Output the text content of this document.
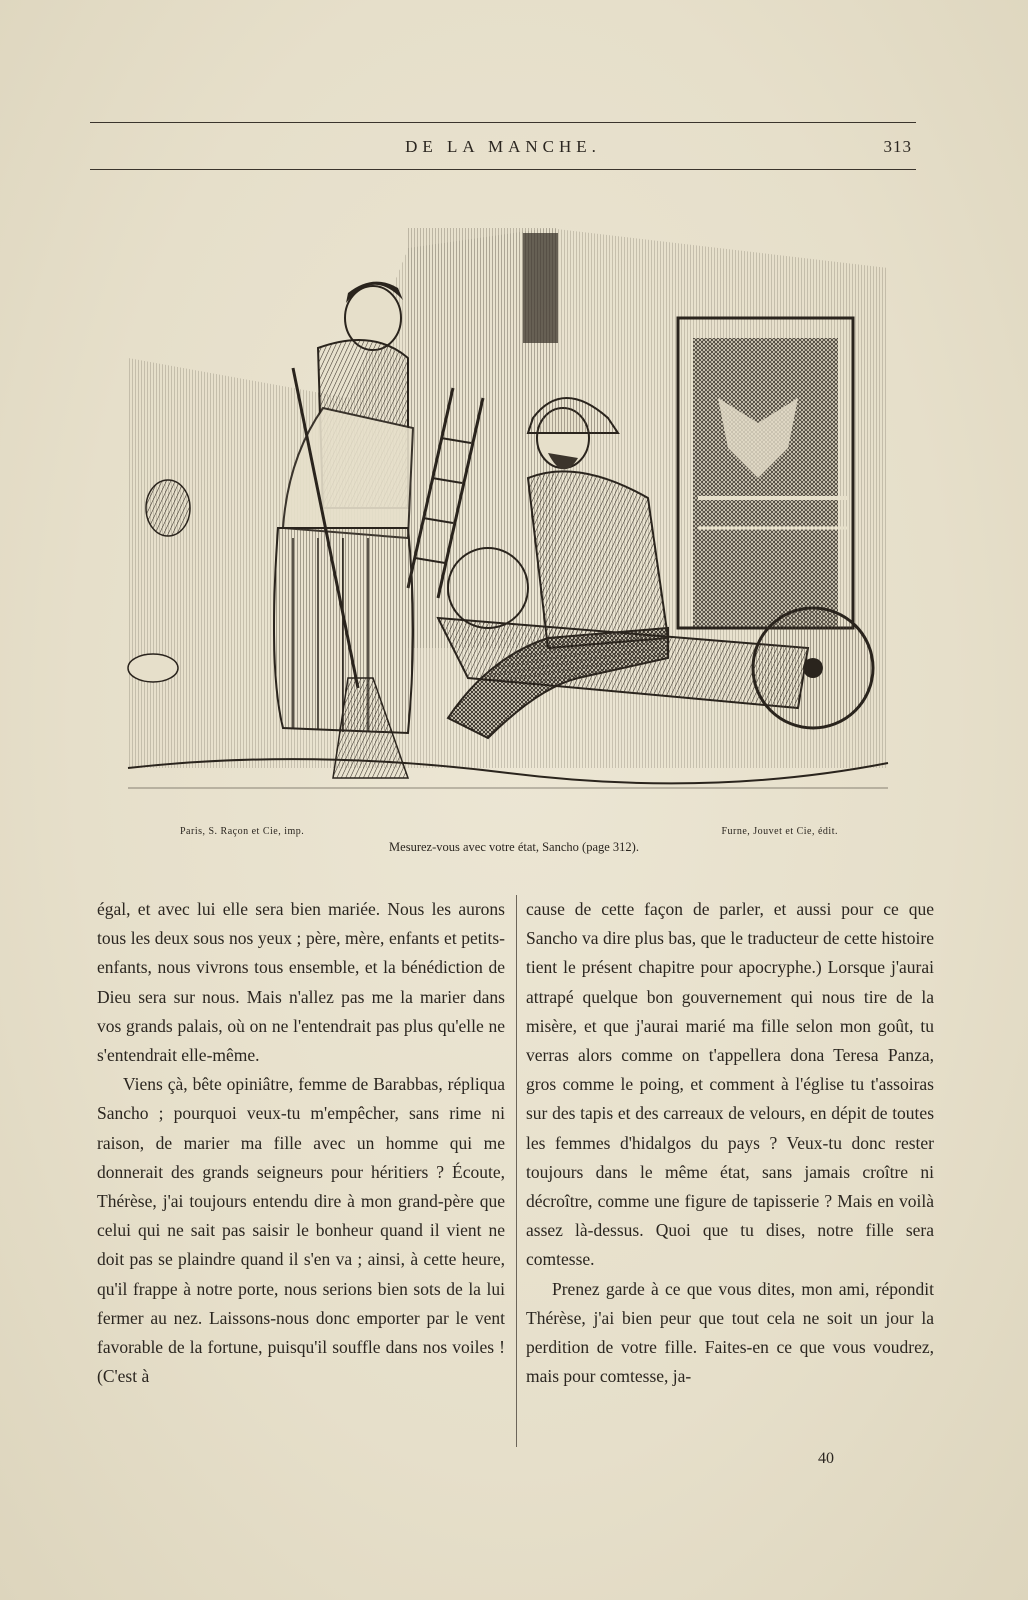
DE LA MANCHE.	313
Paris, S. Raçon et Cie, imp.	Furne, Jouvet et Cie, édit.
Mesurez-vous avec votre état, Sancho (page 312).

égal, et avec lui elle sera bien mariée. Nous les aurons tous les deux sous nos yeux ; père, mère, enfants et petits-enfants, nous vivrons tous ensemble, et la bénédiction de Dieu sera sur nous. Mais n'allez pas me la marier dans vos grands palais, où on ne l'entendrait pas plus qu'elle ne s'entendrait elle-même.

Viens çà, bête opiniâtre, femme de Barabbas, répliqua Sancho ; pourquoi veux-tu m'empêcher, sans rime ni raison, de marier ma fille avec un homme qui me donnerait des grands seigneurs pour héritiers ? Écoute, Thérèse, j'ai toujours entendu dire à mon grand-père que celui qui ne sait pas saisir le bonheur quand il vient ne doit pas se plaindre quand il s'en va ; ainsi, à cette heure, qu'il frappe à notre porte, nous serions bien sots de la lui fermer au nez. Laissons-nous donc emporter par le vent favorable de la fortune, puisqu'il souffle dans nos voiles ! (C'est à

cause de cette façon de parler, et aussi pour ce que Sancho va dire plus bas, que le traducteur de cette histoire tient le présent chapitre pour apocryphe.) Lorsque j'aurai attrapé quelque bon gouvernement qui nous tire de la misère, et que j'aurai marié ma fille selon mon goût, tu verras alors comme on t'appellera dona Teresa Panza, gros comme le poing, et comment à l'église tu t'assoiras sur des tapis et des carreaux de velours, en dépit de toutes les femmes d'hidalgos du pays ? Veux-tu donc rester toujours dans le même état, sans jamais croître ni décroître, comme une figure de tapisserie ? Mais en voilà assez là-dessus. Quoi que tu dises, notre fille sera comtesse.

Prenez garde à ce que vous dites, mon ami, répondit Thérèse, j'ai bien peur que tout cela ne soit un jour la perdition de votre fille. Faites-en ce que vous voudrez, mais pour comtesse, ja-

40
